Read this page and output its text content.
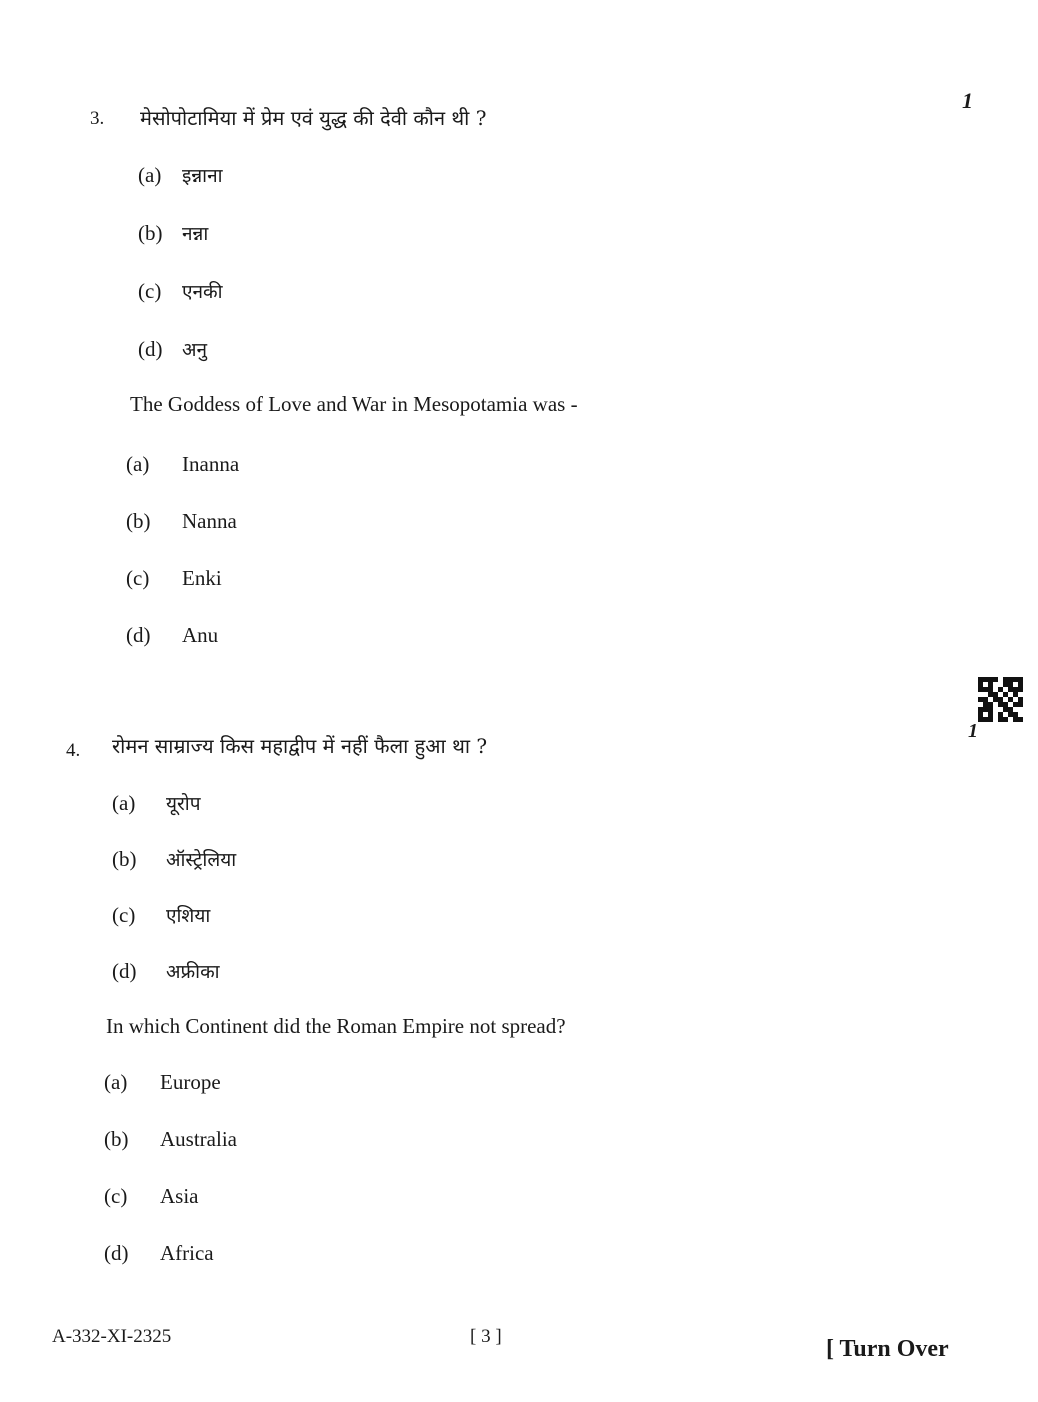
1
3. मेसोपोटामिया में प्रेम एवं युद्ध की देवी कौन थी ?
(a)	इन्नाना
(b)	नन्ना
(c)	एनकी
(d)	अनु
The Goddess of Love and War in Mesopotamia was -
(a)	Inanna
(b)	Nanna
(c)	Enki
(d)	Anu
1
4. रोमन साम्राज्य किस महाद्वीप में नहीं फैला हुआ था ?
(a)	यूरोप
(b)	ऑस्ट्रेलिया
(c)	एशिया
(d)	अफ्रीका
In which Continent did the Roman Empire not spread?
(a)	Europe
(b)	Australia
(c)	Asia
(d)	Africa
A-332-XI-2325	[ 3 ]	[ Turn Over
